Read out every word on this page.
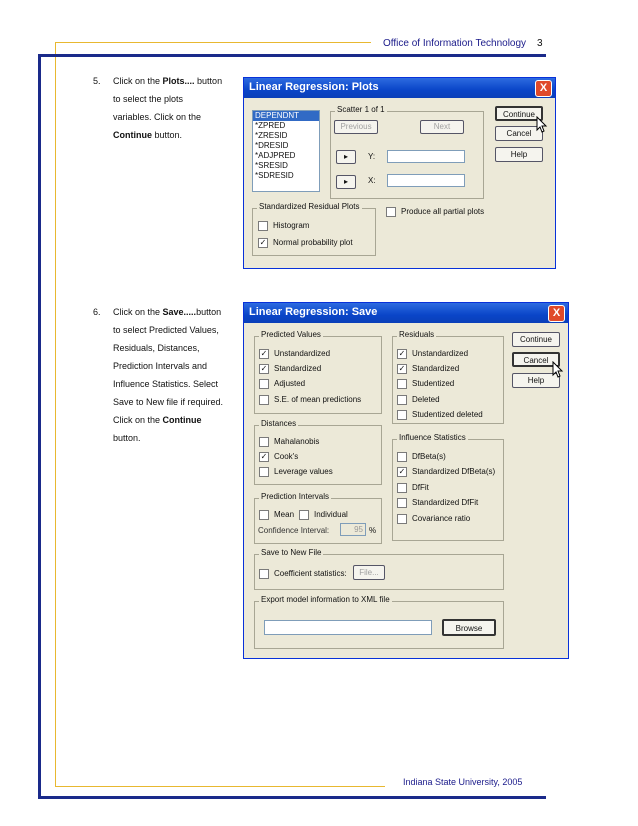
Office of Information Technology 3
Indiana State University, 2005
5. Click on the Plots.... button
to select the plots
variables. Click on the
Continue button.
6. Click on the Save.....button
to select Predicted Values,
Residuals, Distances,
Prediction Intervals and
Influence Statistics. Select
Save to New file if required.
Click on the Continue
button.
Linear Regression: Plots	X
DEPENDNT
*ZPRED
*ZRESID
*DRESID
*ADJPRED
*SRESID
*SDRESID
Scatter 1 of 1
Previous	Next
▸	Y:
▸	X:
Continue
Cancel
Help
Standardized Residual Plots
Histogram
✓ Normal probability plot
Produce all partial plots
Linear Regression: Save	X
Predicted Values
✓ Unstandardized
✓ Standardized
Adjusted
S.E. of mean predictions
Residuals
✓ Unstandardized
✓ Standardized
Studentized
Deleted
Studentized deleted
Continue
Cancel
Help
Distances
Mahalanobis
✓ Cook's
Leverage values
Influence Statistics
DfBeta(s)
✓ Standardized DfBeta(s)
DfFit
Standardized DfFit
Covariance ratio
Prediction Intervals
Mean	Individual
Confidence Interval:	95 %
Save to New File
Coefficient statistics:	File...
Export model information to XML file
Browse
